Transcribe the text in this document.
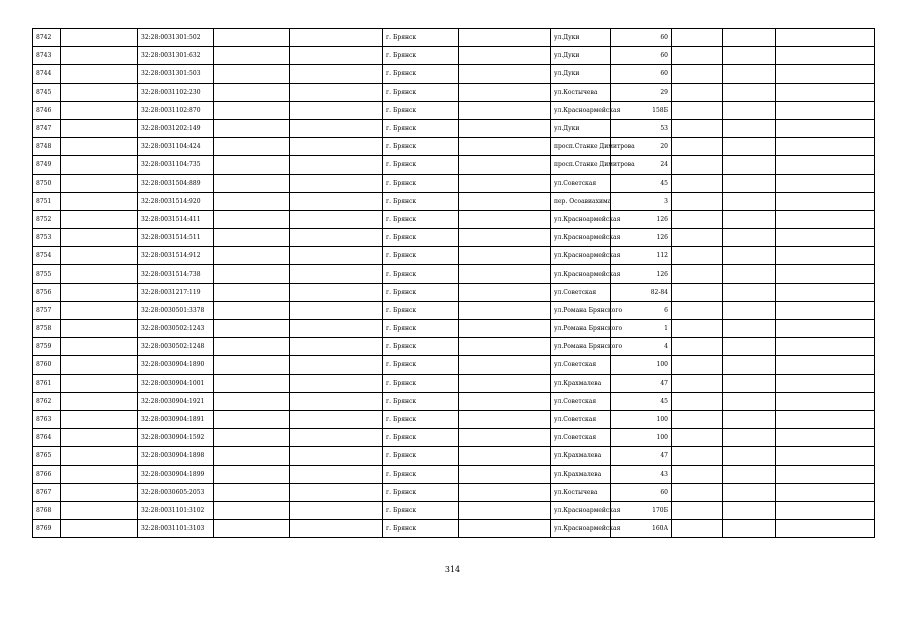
8742		32:28:0031301:502			г. Брянск		ул.Дуки	60			
8743		32:28:0031301:632			г. Брянск		ул.Дуки	60			
8744		32:28:0031301:503			г. Брянск		ул.Дуки	60			
8745		32:28:0031102:230			г. Брянск		ул.Костычева	29			
8746		32:28:0031102:870			г. Брянск		ул.Красноармейская	158Б			
8747		32:28:0031202:149			г. Брянск		ул.Дуки	53			
8748		32:28:0031104:424			г. Брянск		просп.Станке Димитрова	20			
8749		32:28:0031104:735			г. Брянск		просп.Станке Димитрова	24			
8750		32:28:0031504:889			г. Брянск		ул.Советская	45			
8751		32:28:0031514:920			г. Брянск		пер. Осоавиахима	3			
8752		32:28:0031514:411			г. Брянск		ул.Красноармейская	126			
8753		32:28:0031514:511			г. Брянск		ул.Красноармейская	126			
8754		32:28:0031514:912			г. Брянск		ул.Красноармейская	112			
8755		32:28:0031514:738			г. Брянск		ул.Красноармейская	126			
8756		32:28:0031217:119			г. Брянск		ул.Советская	82-84			
8757		32:28:0030501:3378			г. Брянск		ул.Романа Брянского	6			
8758		32:28:0030502:1243			г. Брянск		ул.Романа Брянского	1			
8759		32:28:0030502:1248			г. Брянск		ул.Романа Брянского	4			
8760		32:28:0030904:1890			г. Брянск		ул.Советская	100			
8761		32:28:0030904:1001			г. Брянск		ул.Крахмалева	47			
8762		32:28:0030904:1921			г. Брянск		ул.Советская	45			
8763		32:28:0030904:1891			г. Брянск		ул.Советская	100			
8764		32:28:0030904:1592			г. Брянск		ул.Советская	100			
8765		32:28:0030904:1898			г. Брянск		ул.Крахмалева	47			
8766		32:28:0030904:1899			г. Брянск		ул.Крахмалева	43			
8767		32:28:0030605:2053			г. Брянск		ул.Костычева	60			
8768		32:28:0031101:3102			г. Брянск		ул.Красноармейская	170Б			
8769		32:28:0031101:3103			г. Брянск		ул.Красноармейская	160А			
314
